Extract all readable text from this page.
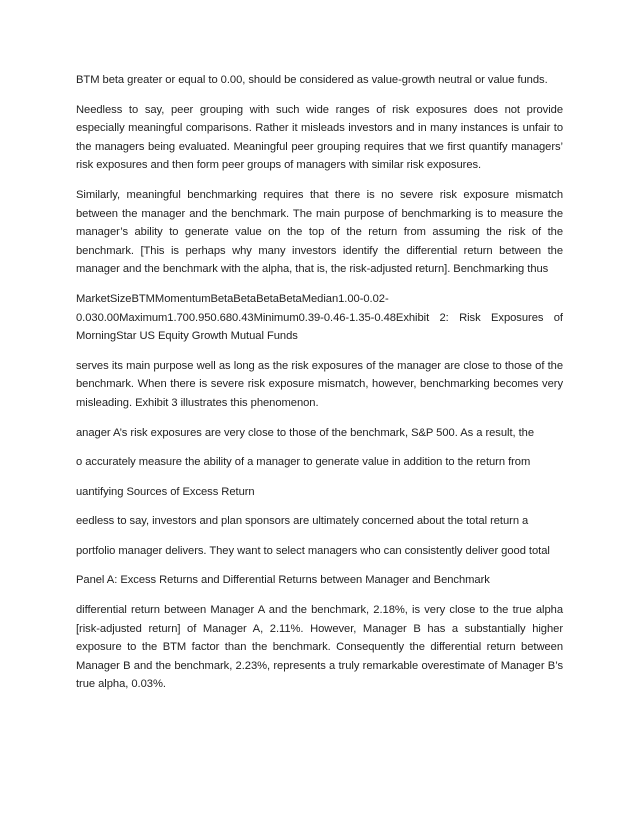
BTM beta greater or equal to 0.00, should be considered as value-growth neutral or value funds.

Needless to say, peer grouping with such wide ranges of risk exposures does not provide especially meaningful comparisons. Rather it misleads investors and in many instances is unfair to the managers being evaluated. Meaningful peer grouping requires that we first quantify managers’ risk exposures and then form peer groups of managers with similar risk exposures.

Similarly, meaningful benchmarking requires that there is no severe risk exposure mismatch between the manager and the benchmark. The main purpose of benchmarking is to measure the manager’s ability to generate value on the top of the return from assuming the risk of the benchmark. [This is perhaps why many investors identify the differential return between the manager and the benchmark with the alpha, that is, the risk-adjusted return]. Benchmarking thus

MarketSizeBTMMomentumBetaBetaBetaBetaMedian1.00-0.02-0.030.00Maximum1.700.950.680.43Minimum0.39-0.46-1.35-0.48Exhibit 2: Risk Exposures of MorningStar US Equity Growth Mutual Funds

serves its main purpose well as long as the risk exposures of the manager are close to those of the benchmark. When there is severe risk exposure mismatch, however, benchmarking becomes very misleading. Exhibit 3 illustrates this phenomenon.

anager A’s risk exposures are very close to those of the benchmark, S&P 500. As a result, the

o accurately measure the ability of a manager to generate value in addition to the return from

uantifying Sources of Excess Return

eedless to say, investors and plan sponsors are ultimately concerned about the total return a

portfolio manager delivers. They want to select managers who can consistently deliver good total

Panel A: Excess Returns and Differential Returns between Manager and Benchmark

differential return between Manager A and the benchmark, 2.18%, is very close to the true alpha [risk-adjusted return] of Manager A, 2.11%. However, Manager B has a substantially higher exposure to the BTM factor than the benchmark. Consequently the differential return between Manager B and the benchmark, 2.23%, represents a truly remarkable overestimate of Manager B’s true alpha, 0.03%.
